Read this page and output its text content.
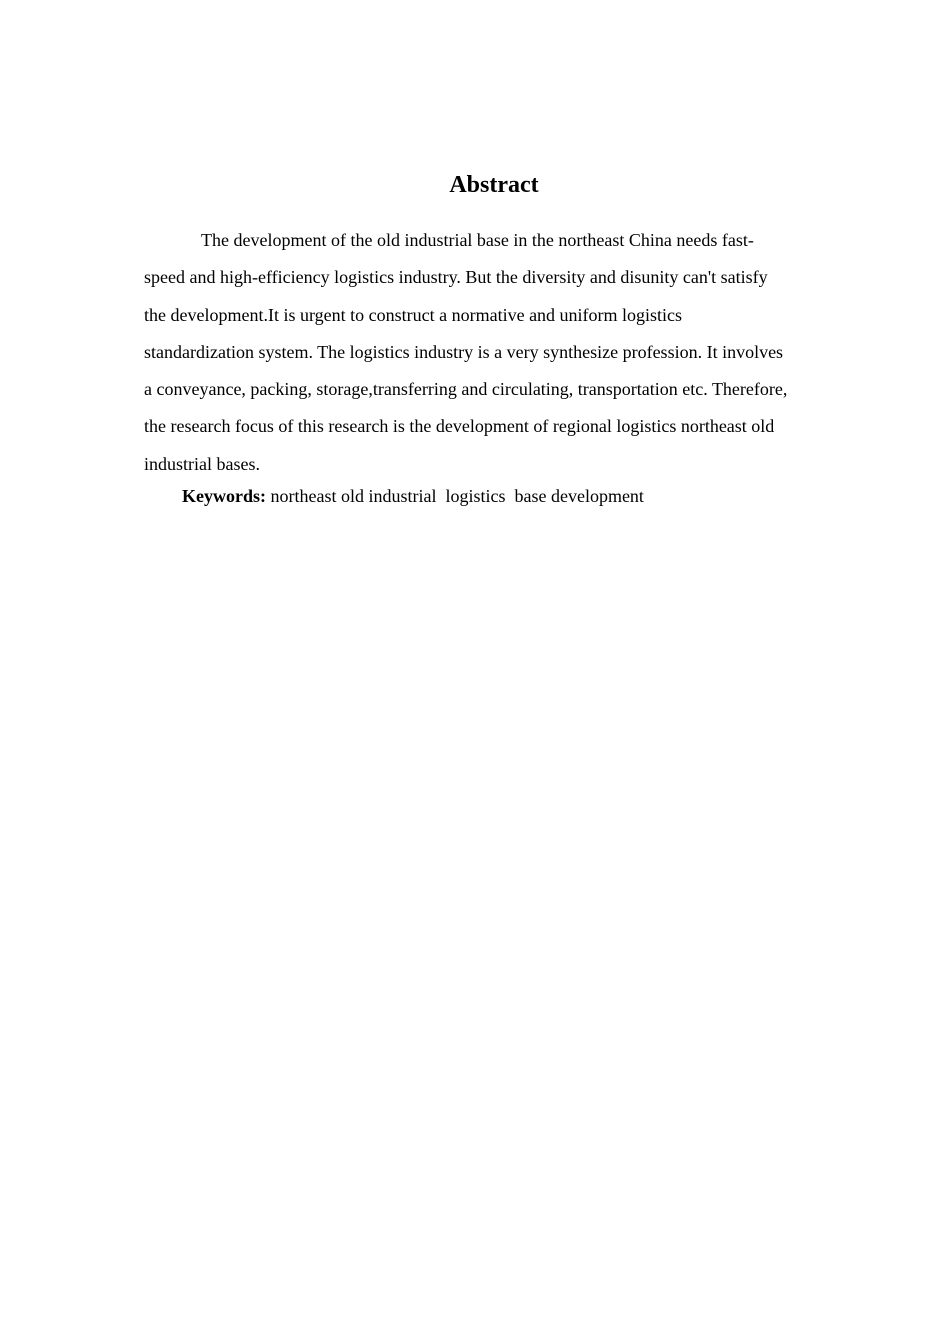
Abstract

The development of the old industrial base in the northeast China needs fast-speed and high-efficiency logistics industry. But the diversity and disunity can't satisfy the development.It is urgent to construct a normative and uniform logistics standardization system. The logistics industry is a very synthesize profession. It involves a conveyance, packing, storage,transferring and circulating, transportation etc. Therefore, the research focus of this research is the development of regional logistics northeast old industrial bases.

Keywords: northeast old industrial  logistics  base development
